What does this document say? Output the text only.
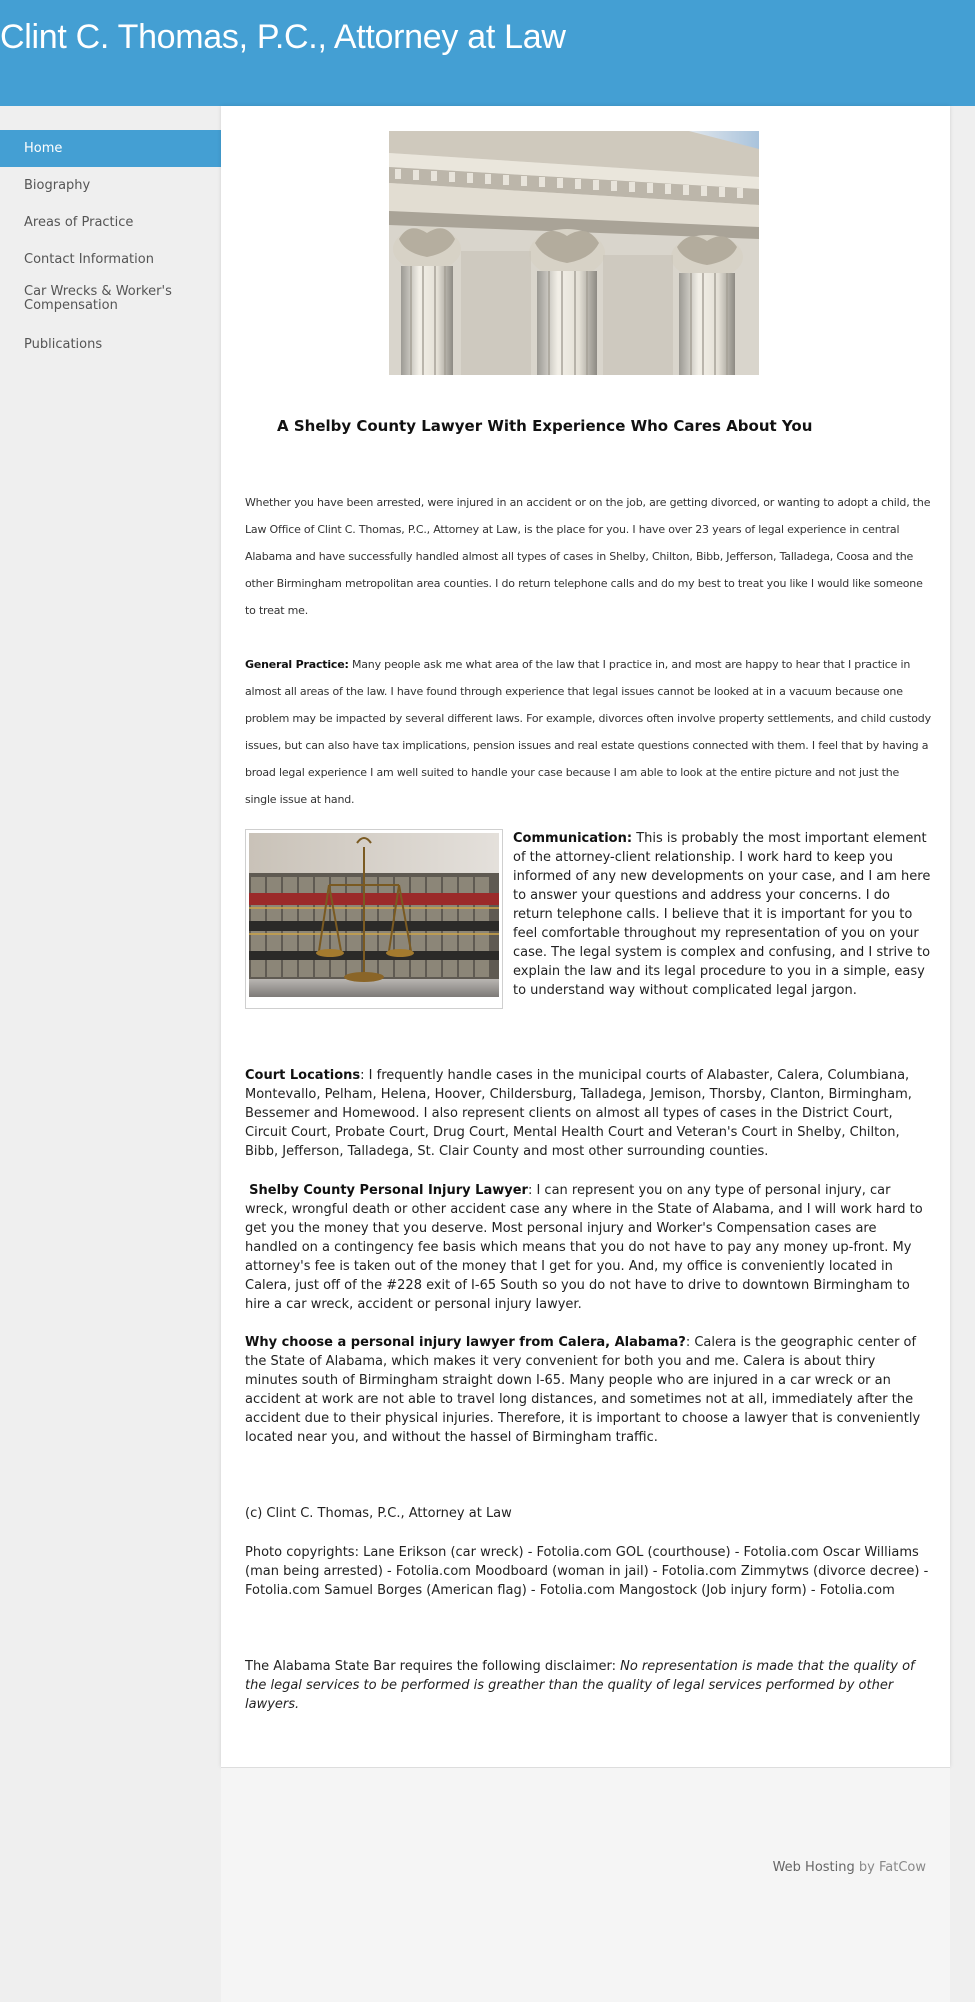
Clint C. Thomas, P.C., Attorney at Law
Home
Biography
Areas of Practice
Contact Information
Car Wrecks & Worker's Compensation
Publications
A Shelby County Lawyer With Experience Who Cares About You

Whether you have been arrested, were injured in an accident or on the job, are getting divorced, or wanting to adopt a child, the Law Office of Clint C. Thomas, P.C., Attorney at Law, is the place for you. I have over 23 years of legal experience in central Alabama and have successfully handled almost all types of cases in Shelby, Chilton, Bibb, Jefferson, Talladega, Coosa and the other Birmingham metropolitan area counties. I do return telephone calls and do my best to treat you like I would like someone to treat me.

General Practice: Many people ask me what area of the law that I practice in, and most are happy to hear that I practice in almost all areas of the law. I have found through experience that legal issues cannot be looked at in a vacuum because one problem may be impacted by several different laws. For example, divorces often involve property settlements, and child custody issues, but can also have tax implications, pension issues and real estate questions connected with them. I feel that by having a broad legal experience I am well suited to handle your case because I am able to look at the entire picture and not just the single issue at hand.

Communication: This is probably the most important element of the attorney-client relationship. I work hard to keep you informed of any new developments on your case, and I am here to answer your questions and address your concerns. I do return telephone calls. I believe that it is important for you to feel comfortable throughout my representation of you on your case. The legal system is complex and confusing, and I strive to explain the law and its legal procedure to you in a simple, easy to understand way without complicated legal jargon.

Court Locations: I frequently handle cases in the municipal courts of Alabaster, Calera, Columbiana, Montevallo, Pelham, Helena, Hoover, Childersburg, Talladega, Jemison, Thorsby, Clanton, Birmingham, Bessemer and Homewood. I also represent clients on almost all types of cases in the District Court, Circuit Court, Probate Court, Drug Court, Mental Health Court and Veteran's Court in Shelby, Chilton, Bibb, Jefferson, Talladega, St. Clair County and most other surrounding counties.

Shelby County Personal Injury Lawyer: I can represent you on any type of personal injury, car wreck, wrongful death or other accident case any where in the State of Alabama, and I will work hard to get you the money that you deserve. Most personal injury and Worker's Compensation cases are handled on a contingency fee basis which means that you do not have to pay any money up-front. My attorney's fee is taken out of the money that I get for you. And, my office is conveniently located in Calera, just off of the #228 exit of I-65 South so you do not have to drive to downtown Birmingham to hire a car wreck, accident or personal injury lawyer.

Why choose a personal injury lawyer from Calera, Alabama?: Calera is the geographic center of the State of Alabama, which makes it very convenient for both you and me. Calera is about thiry minutes south of Birmingham straight down I-65. Many people who are injured in a car wreck or an accident at work are not able to travel long distances, and sometimes not at all, immediately after the accident due to their physical injuries. Therefore, it is important to choose a lawyer that is conveniently located near you, and without the hassel of Birmingham traffic.

(c) Clint C. Thomas, P.C., Attorney at Law

Photo copyrights: Lane Erikson (car wreck) - Fotolia.com GOL (courthouse) - Fotolia.com Oscar Williams (man being arrested) - Fotolia.com Moodboard (woman in jail) - Fotolia.com Zimmytws (divorce decree) - Fotolia.com Samuel Borges (American flag) - Fotolia.com Mangostock (Job injury form) - Fotolia.com

The Alabama State Bar requires the following disclaimer: No representation is made that the quality of the legal services to be performed is greather than the quality of legal services performed by other lawyers.

Web Hosting by FatCow
